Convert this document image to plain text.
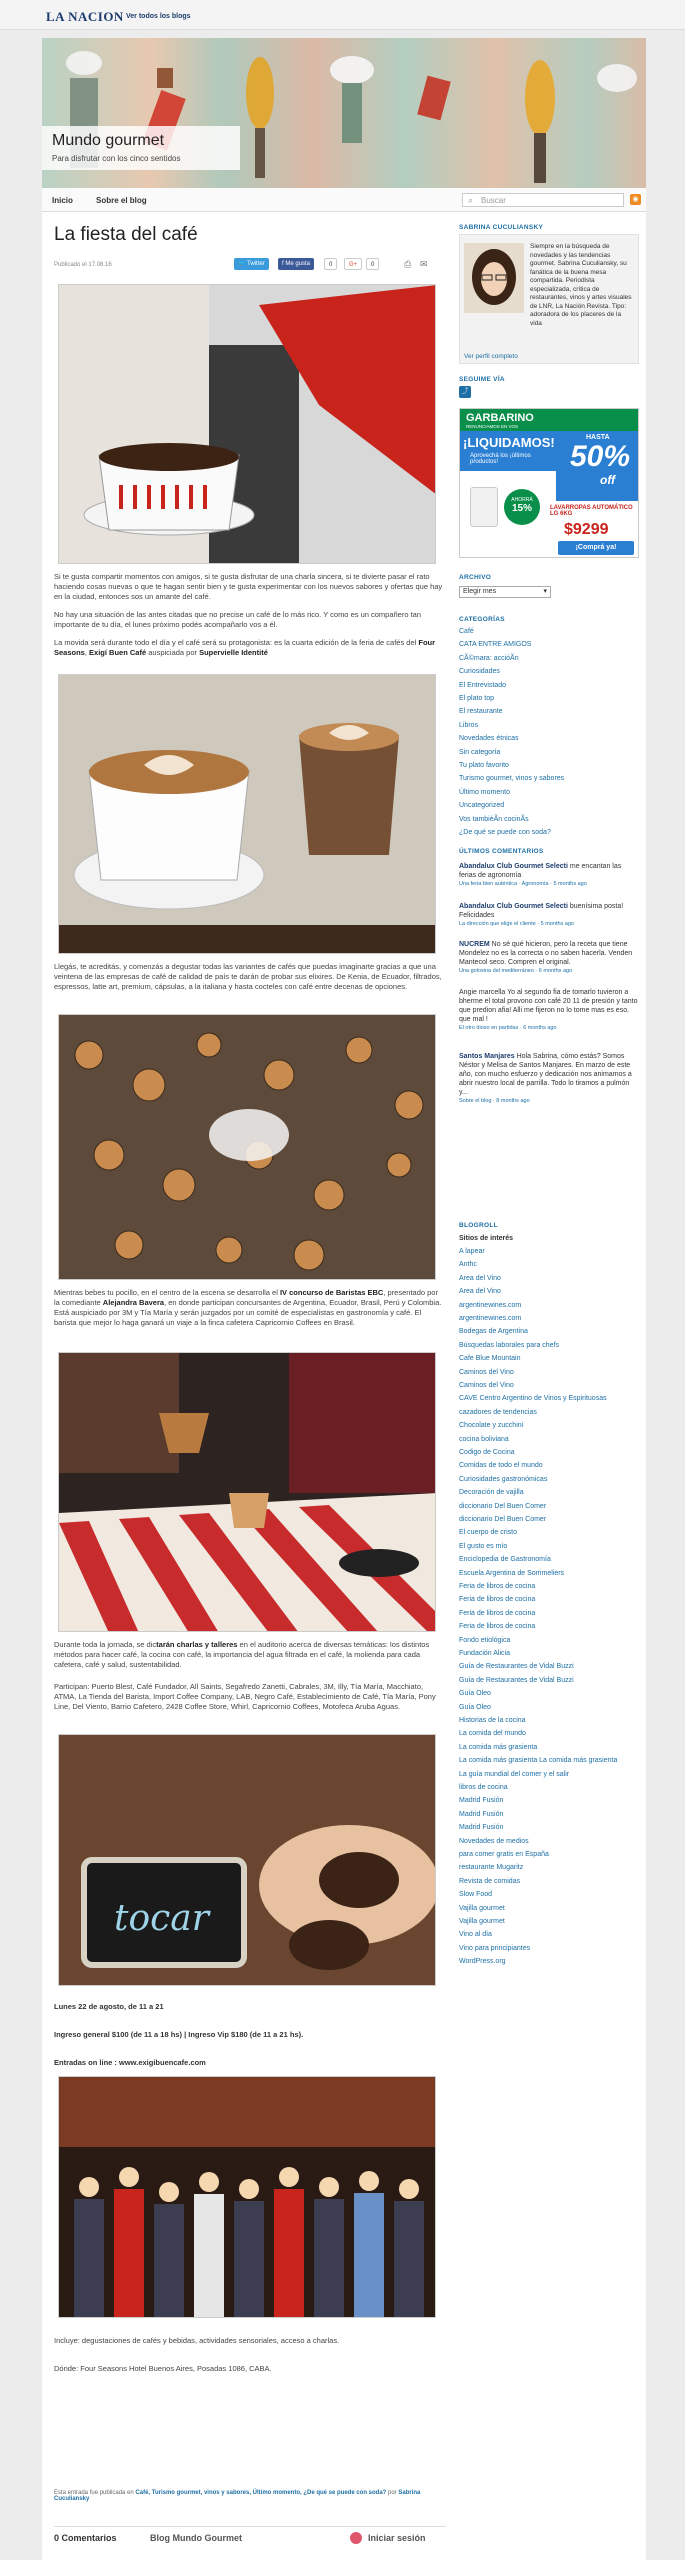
LA NACION Ver todos los blogs
Mundo gourmet
Para disfrutar con los cinco sentidos
Inicio	Sobre el blog	⌕ Buscar	◉
La fiesta del café
Publicado el 17.08.16	🐦 Twitter	f Me gusta	0	G+	0	⎙ ✉
Si te gusta compartir momentos con amigos, si te gusta disfrutar de una charla sincera, si te divierte pasar el rato haciendo cosas nuevas o que te hagan sentir bien y te gusta experimentar con los nuevos sabores y ofertas que hay en la ciudad, entonces sos un amante del café.
No hay una situación de las antes citadas que no precise un café de lo más rico. Y como es un compañero tan importante de tu día, el lunes próximo podés acompañarlo vos a él.
La movida será durante todo el día y el café será su protagonista: es la cuarta edición de la feria de cafés del Four Seasons, Exigí Buen Café auspiciada por Supervielle Identité
Llegás, te acreditás, y comenzás a degustar todas las variantes de cafés que puedas imaginarte gracias a que una veintena de las empresas de café de calidad de país te darán de probar sus elixires. De Kenia, de Ecuador, filtrados, espressos, latte art, premium, cápsulas, a la italiana y hasta cocteles con café entre decenas de opciones.
Mientras bebes tu pocillo, en el centro de la escena se desarrolla el IV concurso de Baristas EBC, presentado por la comediante Alejandra Bavera, en donde participan concursantes de Argentina, Ecuador, Brasil, Perú y Colombia. Está auspiciado por 3M y Tía María y serán juzgados por un comité de especialistas en gastronomía y café. El barista que mejor lo haga ganará un viaje a la finca cafetera Capricornio Coffees en Brasil.
Durante toda la jornada, se dictarán charlas y talleres en el auditorio acerca de diversas temáticas: los distintos métodos para hacer café, la cocina con café, la importancia del agua filtrada en el café, la molienda para cada cafetera, café y salud, sustentabilidad.
Participan: Puerto Blest, Café Fundador, All Saints, Segafredo Zanetti, Cabrales, 3M, Illy, Tía María, Macchiato, ATMA, La Tienda del Barista, Import Coffee Company, LAB, Negro Café, Establecimiento de Café, Tía María, Pony Line, Del Viento, Barrio Cafetero, 2428 Coffee Store, Whirl, Capricornio Coffees, Motofeca Aruba Aguas.
tocar
Lunes 22 de agosto, de 11 a 21
Ingreso general $100 (de 11 a 18 hs) | Ingreso Vip $180 (de 11 a 21 hs).
Entradas on line : www.exigibuencafe.com
Incluye: degustaciones de cafés y bebidas, actividades sensoriales, acceso a charlas.
Dónde: Four Seasons Hotel Buenos Aires, Posadas 1086, CABA.
SABRINA CUCULIANSKY
Siempre en la búsqueda de novedades y las tendencias gourmet. Sabrina Cuculiansky, su fanática de la buena mesa compartida. Periodista especializada, crítica de restaurantes, vinos y artes visuales de LNR, La Nación Revista. Tipo: adoradora de los placeres de la vida
Ver perfil completo
SEGUIME VÍA
⤴
GARBARINO
RENUNCIAMOS EN VOS
¡LIQUIDAMOS!
Aprovechá los ¡últimos productos!
HASTA
50%
off
AHORRÁ
15%	LAVARROPAS AUTOMÁTICO LG 6KG
$9299
¡Comprá ya!
ARCHIVO
Elegir mes	▾
CATEGORÍAS
Café
CATA ENTRE AMIGOS
CÃ©mara: accióÃn
Curiosidades
El Entrevistado
El plato top
El restaurante
Libros
Novedades étnicas
Sin categoría
Tu plato favorito
Turismo gourmet, vinos y sabores
Último momento
Uncategorized
Vos tambiéÃn cocinÃs
¿De qué se puede con soda?
ÚLTIMOS COMENTARIOS
Abandalux Club Gourmet Selecti me encantan las ferias de agronomía
Una feria bien auténtica · Agronomía · 5 months ago
Abandalux Club Gourmet Selecti buenísima posta! Felicidades
La dirección que elige el cliente · 5 months ago
NUCREM No sé qué hicieron, pero la receta que tiene Mondelez no es la correcta o no saben hacerla. Venden Mantecol seco. Compren el original.
Una golosina del mediterráneo · 6 months ago
Angie marcella Yo al segundo fia de tomarlo tuvieron a bherme el total provono con café 20 11 de presión y tanto que predion afia! Alli me fijeron no lo tome mas es eso. que mal !
El otro dioso en partidas · 6 months ago
Santos Manjares Hola Sabrina, cómo estás? Somos Néstor y Melisa de Santos Manjares. En marzo de este año, con mucho esfuerzo y dedicación nos animamos a abrir nuestro local de parrilla. Todo lo tiramos a pulmón y...
Sobre el blog · 8 months ago
BLOGROLL
Sitios de interés
A lapear
Anthc
Area del Vino
Area del Vino
argentinewines.com
argentinewines.com
Bodegas de Argentina
Búsquedas laborales para chefs
Cafe Blue Mountain
Caminos del Vino
Caminos del Vino
CAVE Centro Argentino de Vinos y Espirituosas
cazadores de tendencias
Chocolate y zucchini
cocina boliviana
Codigo de Cocina
Comidas de todo el mundo
Curiosidades gastronómicas
Decoración de vajilla
diccionario Del Buen Comer
diccionario Del Buen Comer
El cuerpo de cristo
El gusto es mío
Enciclopedia de Gastronomía
Escuela Argentina de Sommeliers
Feria de libros de cocina
Feria de libros de cocina
Feria de libros de cocina
Feria de libros de cocina
Fondo etiológica
Fundación Alicia
Guía de Restaurantes de Vidal Buzzi
Guía de Restaurantes de Vidal Buzzi
Guía Oleo
Guía Oleo
Historias de la cocina
La comida del mundo
La comida más grasienta
La comida más grasienta La comida más grasienta
La guía mundial del comer y el salir
libros de cocina
Madrid Fusión
Madrid Fusión
Madrid Fusión
Novedades de medios
para comer gratis en España
restaurante Mugaritz
Revista de comidas
Slow Food
Vajilla gourmet
Vajilla gourmet
Vino al día
Vino para principiantes
WordPress.org
Esta entrada fue publicada en Café, Turismo gourmet, vinos y sabores, Último momento, ¿De qué se puede con soda? por Sabrina Cuculiansky
0 Comentarios	Blog Mundo Gourmet	Iniciar sesión
